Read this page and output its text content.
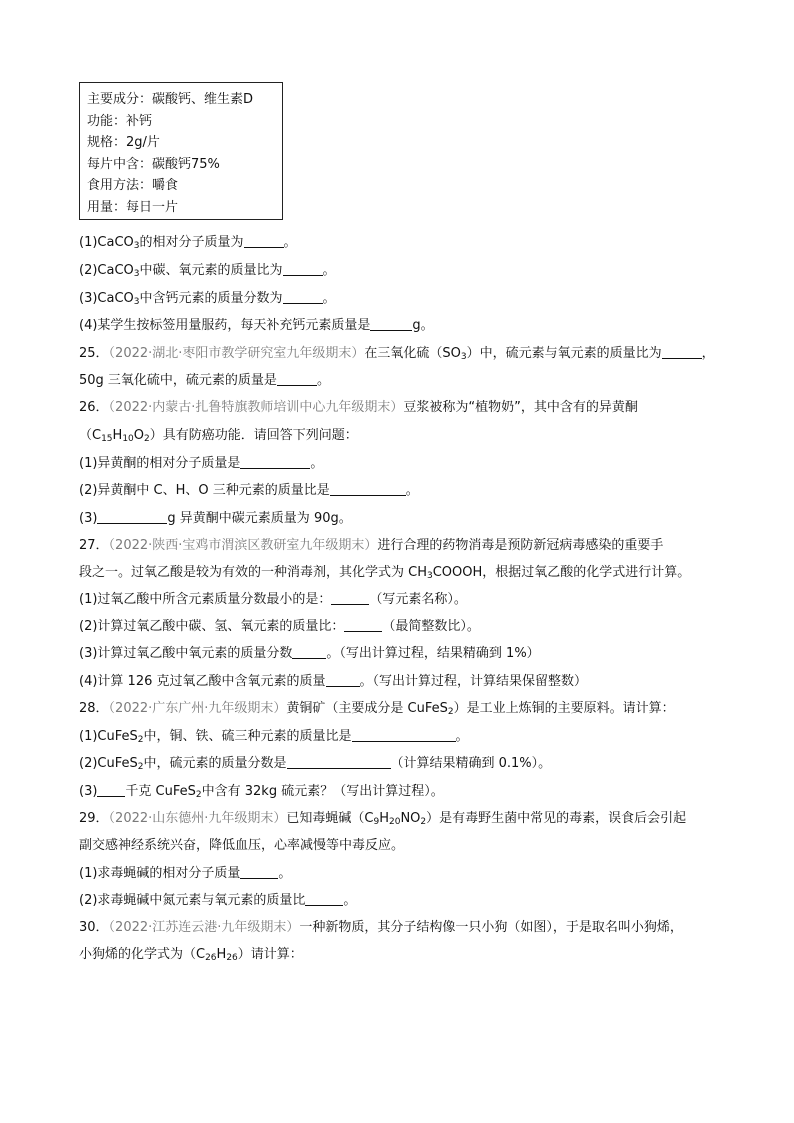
主要成分：碳酸钙、维生素D
功能：补钙
规格：2g/片
每片中含：碳酸钙75%
食用方法：嚼食
用量：每日一片
(1)CaCO$_3$的相对分子质量为	。
(2)CaCO$_3$中碳、氧元素的质量比为	。
(3)CaCO$_3$中含钙元素的质量分数为	。
(4)某学生按标签用量服药，每天补充钙元素质量是	g。
25．（2022·湖北·枣阳市教学研究室九年级期末）在三氧化硫$(SO_3)$中，硫元素与氧元素的质量比为	，
50g 三氧化硫中，硫元素的质量是	。
26．（2022·内蒙古·扎鲁特旗教师培训中心九年级期末）豆浆被称为“植物奶”，其中含有的异黄酮
$(C_{15}H_{10}O_2)$具有防癌功能．请回答下列问题：
(1)异黄酮的相对分子质量是	。
(2)异黄酮中 C、H、O 三种元素的质量比是	。
(3)	g 异黄酮中碳元素质量为 90g。
27．（2022·陕西·宝鸡市渭滨区教研室九年级期末）进行合理的药物消毒是预防新冠病毒感染的重要手
段之一。过氧乙酸是较为有效的一种消毒剂，其化学式为 $CH_3COOOH$，根据过氧乙酸的化学式进行计算。
(1)过氧乙酸中所含元素质量分数最小的是：	（写元素名称）。
(2)计算过氧乙酸中碳、氢、氧元素的质量比：	（最简整数比）。
(3)计算过氧乙酸中氧元素的质量分数	。（写出计算过程，结果精确到 1%）
(4)计算 126 克过氧乙酸中含氧元素的质量	。（写出计算过程，计算结果保留整数）
28．（2022·广东广州·九年级期末）黄铜矿（主要成分是 CuFeS$_2$）是工业上炼铜的主要原料。请计算：
(1)CuFeS$_2$中，铜、铁、硫三种元素的质量比是	。
(2)CuFeS$_2$中，硫元素的质量分数是	（计算结果精确到 0.1%）。
(3) 千克 CuFeS$_2$中含有 32kg 硫元素？（写出计算过程）。
29．（2022·山东德州·九年级期末）已知毒蝇碱$(C_9H_{20}NO_2)$是有毒野生菌中常见的毒素，误食后会引起
副交感神经系统兴奋，降低血压，心率减慢等中毒反应。
(1)求毒蝇碱的相对分子质量	。
(2)求毒蝇碱中氮元素与氧元素的质量比	。
30．（2022·江苏连云港·九年级期末）一种新物质，其分子结构像一只小狗（如图），于是取名叫小狗烯，
小狗烯的化学式为$(C_{26}H_{26})$请计算：
